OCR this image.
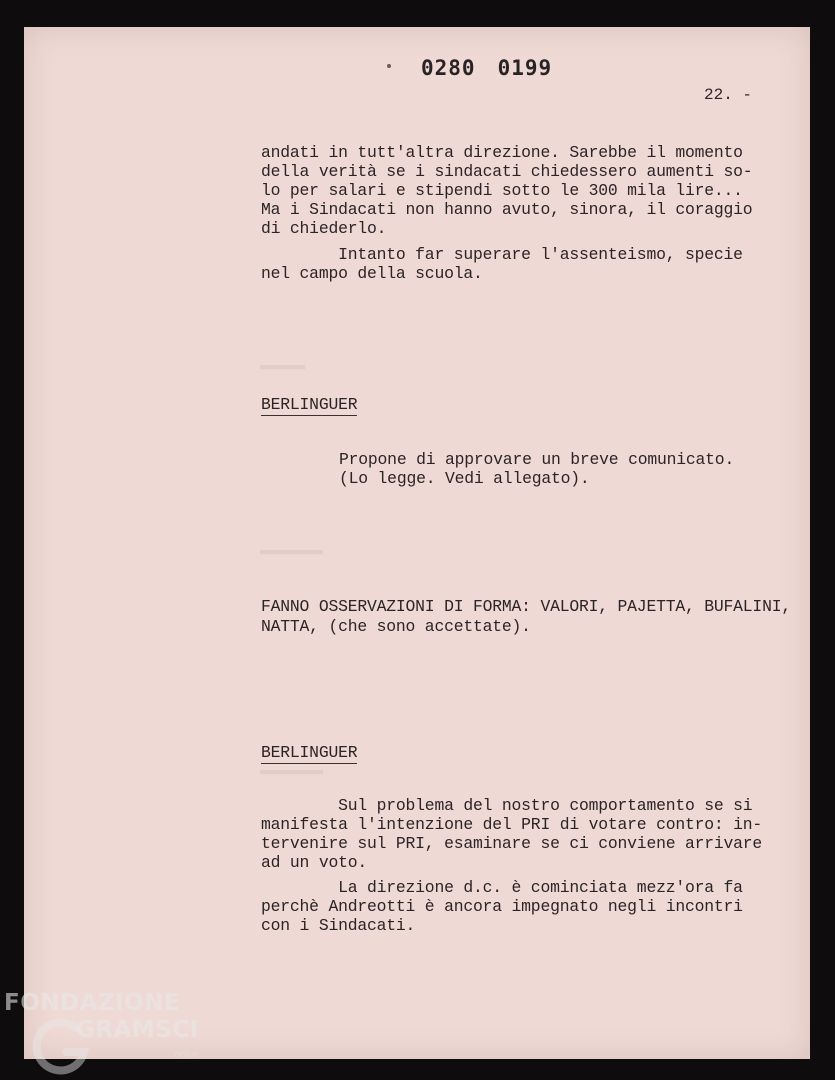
▬▬▬▬▬
▬▬▬▬▬▬▬
▬▬▬▬▬▬▬
0280 0199
22. -
andati in tutt'altra direzione. Sarebbe il momento
della verità se i sindacati chiedessero aumenti so-
lo per salari e stipendi sotto le 300 mila lire...
Ma i Sindacati non hanno avuto, sinora, il coraggio
di chiederlo.
Intanto far superare l'assenteismo, specie
nel campo della scuola.
BERLINGUER
Propone di approvare un breve comunicato.
(Lo legge. Vedi allegato).
FANNO OSSERVAZIONI DI FORMA: VALORI, PAJETTA, BUFALINI,
NATTA, (che sono accettate).
BERLINGUER
Sul problema del nostro comportamento se si
manifesta l'intenzione del PRI di votare contro: in-
tervenire sul PRI, esaminare se ci conviene arrivare
ad un voto.
La direzione d.c. è cominciata mezz'ora fa
perchè Andreotti è ancora impegnato negli incontri
con i Sindacati.
FONDAZIONE
GRAMSCI
onlus
